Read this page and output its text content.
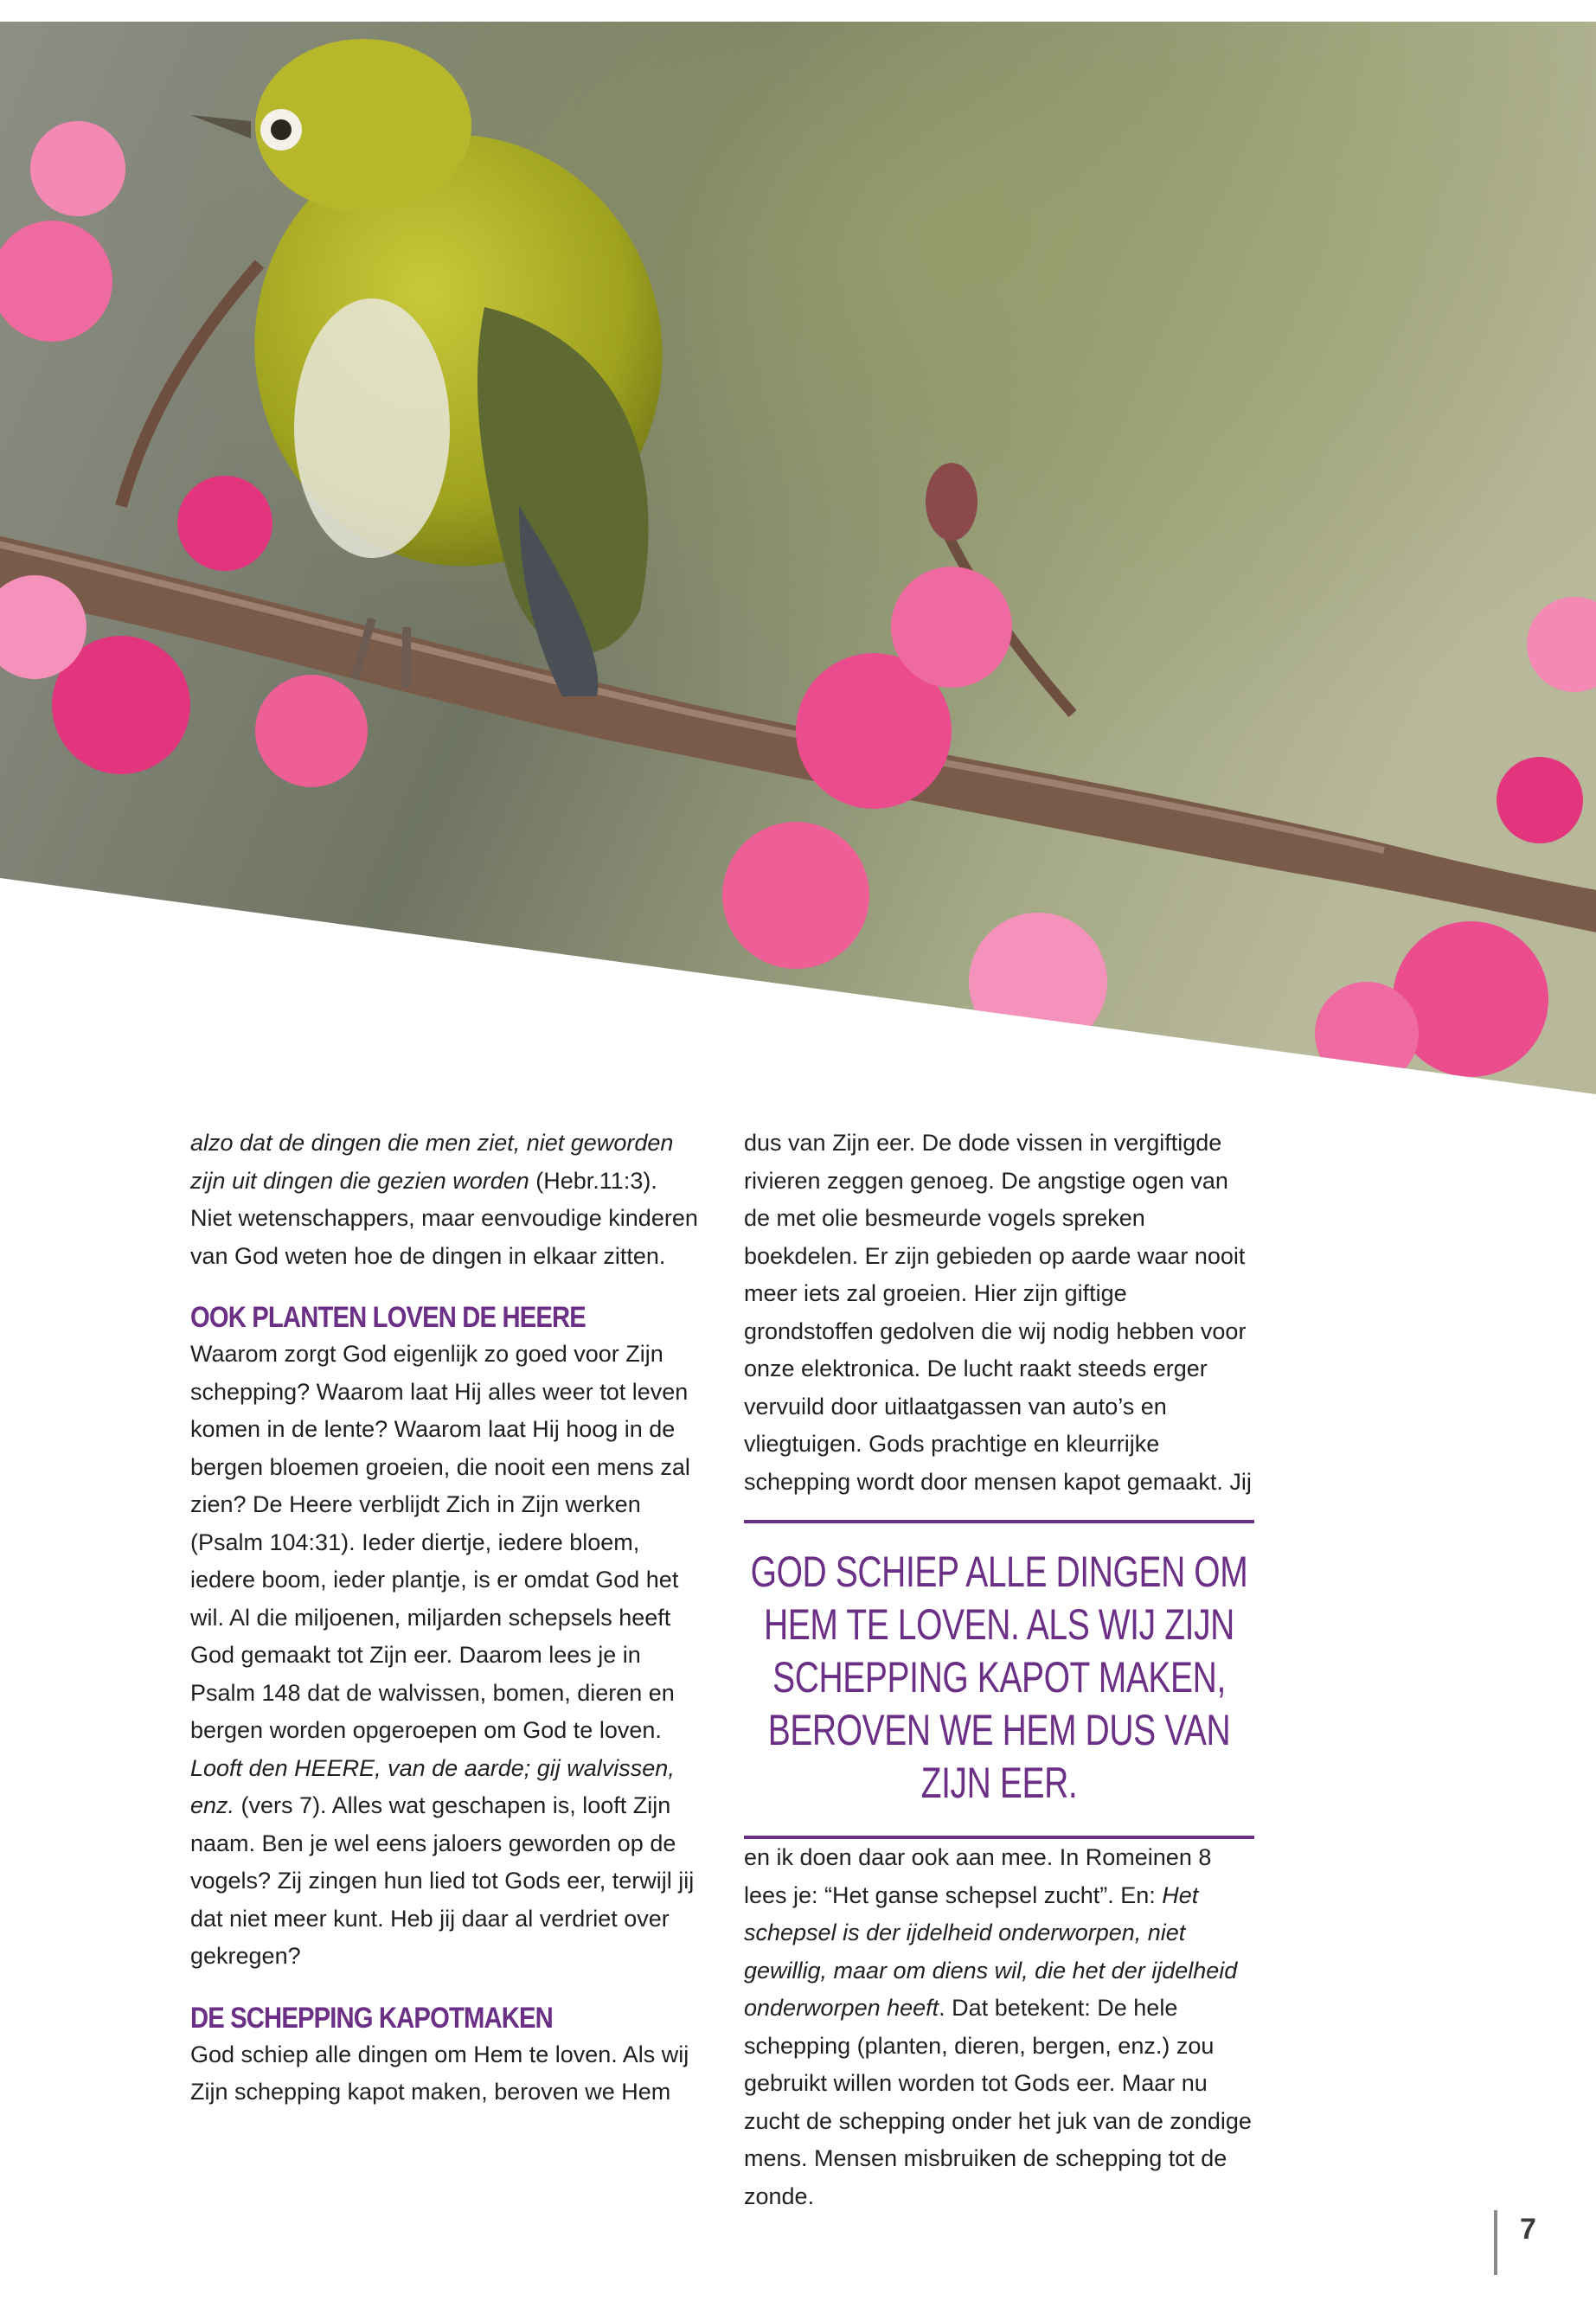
alzo dat de dingen die men ziet, niet geworden zijn uit dingen die gezien worden (Hebr.11:3). Niet wetenschappers, maar eenvoudige kinderen van God weten hoe de dingen in elkaar zitten.

OOK PLANTEN LOVEN DE HEERE

Waarom zorgt God eigenlijk zo goed voor Zijn schepping? Waarom laat Hij alles weer tot leven komen in de lente? Waarom laat Hij hoog in de bergen bloemen groeien, die nooit een mens zal zien? De Heere verblijdt Zich in Zijn werken (Psalm 104:31). Ieder diertje, iedere bloem, iedere boom, ieder plantje, is er omdat God het wil. Al die miljoenen, miljarden schepsels heeft God gemaakt tot Zijn eer. Daarom lees je in Psalm 148 dat de walvissen, bomen, dieren en bergen worden opgeroepen om God te loven. Looft den HEERE, van de aarde; gij walvissen, enz. (vers 7). Alles wat geschapen is, looft Zijn naam. Ben je wel eens jaloers geworden op de vogels? Zij zingen hun lied tot Gods eer, terwijl jij dat niet meer kunt. Heb jij daar al verdriet over gekregen?

DE SCHEPPING KAPOTMAKEN

God schiep alle dingen om Hem te loven. Als wij Zijn schepping kapot maken, beroven we Hem

dus van Zijn eer. De dode vissen in vergiftigde rivieren zeggen genoeg. De angstige ogen van de met olie besmeurde vogels spreken boekdelen. Er zijn gebieden op aarde waar nooit meer iets zal groeien. Hier zijn giftige grondstoffen gedolven die wij nodig hebben voor onze elektronica. De lucht raakt steeds erger vervuild door uitlaatgassen van auto’s en vliegtuigen. Gods prachtige en kleurrijke schepping wordt door mensen kapot gemaakt. Jij

GOD SCHIEP ALLE DINGEN OM HEM TE LOVEN. ALS WIJ ZIJN SCHEPPING KAPOT MAKEN, BEROVEN WE HEM DUS VAN ZIJN EER.

en ik doen daar ook aan mee. In Romeinen 8 lees je: “Het ganse schepsel zucht”. En: Het schepsel is der ijdelheid onderworpen, niet gewillig, maar om diens wil, die het der ijdelheid onderworpen heeft. Dat betekent: De hele schepping (planten, dieren, bergen, enz.) zou gebruikt willen worden tot Gods eer. Maar nu zucht de schepping onder het juk van de zondige mens. Mensen misbruiken de schepping tot de zonde.

7
